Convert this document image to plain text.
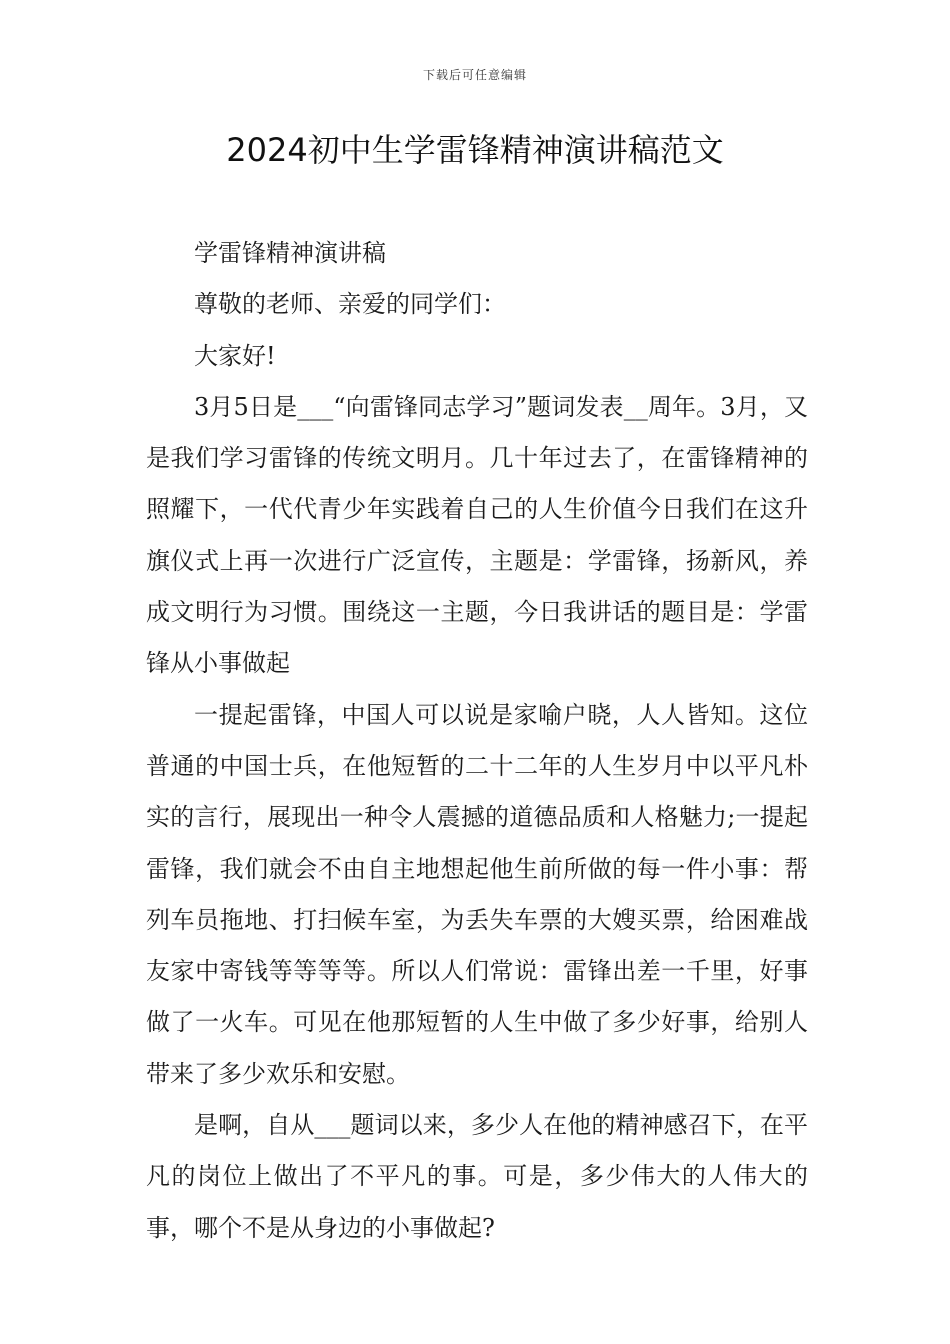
下载后可任意编辑
2024初中生学雷锋精神演讲稿范文

学雷锋精神演讲稿

尊敬的老师、亲爱的同学们：

大家好!

3月5日是___“向雷锋同志学习”题词发表__周年。3月，又是我们学习雷锋的传统文明月。几十年过去了，在雷锋精神的照耀下，一代代青少年实践着自己的人生价值今日我们在这升旗仪式上再一次进行广泛宣传，主题是：学雷锋，扬新风，养成文明行为习惯。围绕这一主题，今日我讲话的题目是：学雷锋从小事做起

一提起雷锋，中国人可以说是家喻户晓，人人皆知。这位普通的中国士兵，在他短暂的二十二年的人生岁月中以平凡朴实的言行，展现出一种令人震撼的道德品质和人格魅力;一提起雷锋，我们就会不由自主地想起他生前所做的每一件小事：帮列车员拖地、打扫候车室，为丢失车票的大嫂买票，给困难战友家中寄钱等等等等。所以人们常说：雷锋出差一千里，好事做了一火车。可见在他那短暂的人生中做了多少好事，给别人带来了多少欢乐和安慰。

是啊，自从___题词以来，多少人在他的精神感召下，在平凡的岗位上做出了不平凡的事。可是，多少伟大的人伟大的事，哪个不是从身边的小事做起?
